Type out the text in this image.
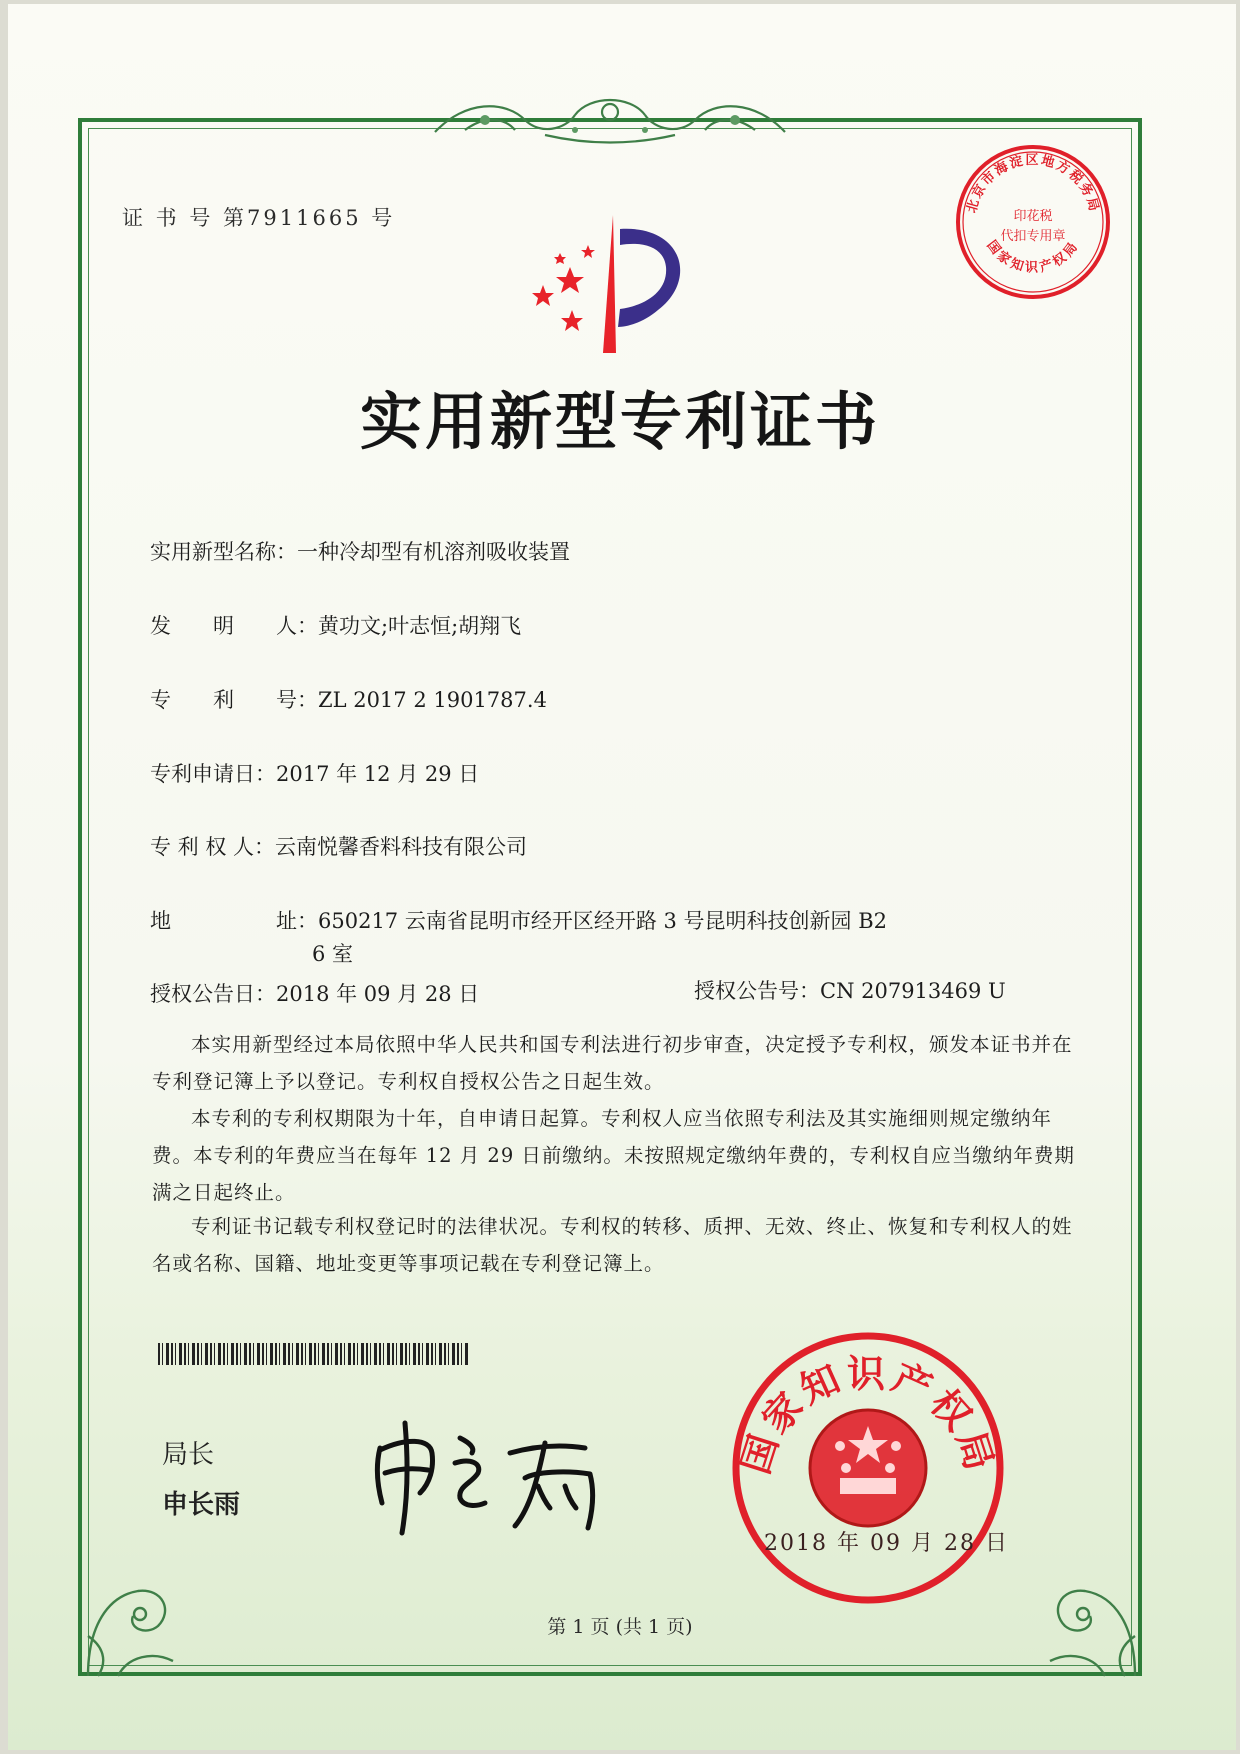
证 书 号 第7911665 号
北京市海淀区地方税务局
国家知识产权局
印花税
代扣专用章
实用新型专利证书
实用新型名称：一种冷却型有机溶剂吸收装置
发　　明　　人：黄功文;叶志恒;胡翔飞
专　　利　　号：ZL 2017 2 1901787.4
专利申请日：2017 年 12 月 29 日
专 利 权 人：云南悦馨香料科技有限公司
地　　　　　址：650217 云南省昆明市经开区经开路 3 号昆明科技创新园 B2
6 室
授权公告日：2018 年 09 月 28 日	授权公告号：CN 207913469 U
本实用新型经过本局依照中华人民共和国专利法进行初步审查，决定授予专利权，颁发本证书并在专利登记簿上予以登记。专利权自授权公告之日起生效。
本专利的专利权期限为十年，自申请日起算。专利权人应当依照专利法及其实施细则规定缴纳年费。本专利的年费应当在每年 12 月 29 日前缴纳。未按照规定缴纳年费的，专利权自应当缴纳年费期满之日起终止。
专利证书记载专利权登记时的法律状况。专利权的转移、质押、无效、终止、恢复和专利权人的姓名或名称、国籍、地址变更等事项记载在专利登记簿上。
局长
申长雨
国家知识产权局
2018 年 09 月 28 日
第 1 页 (共 1 页)
